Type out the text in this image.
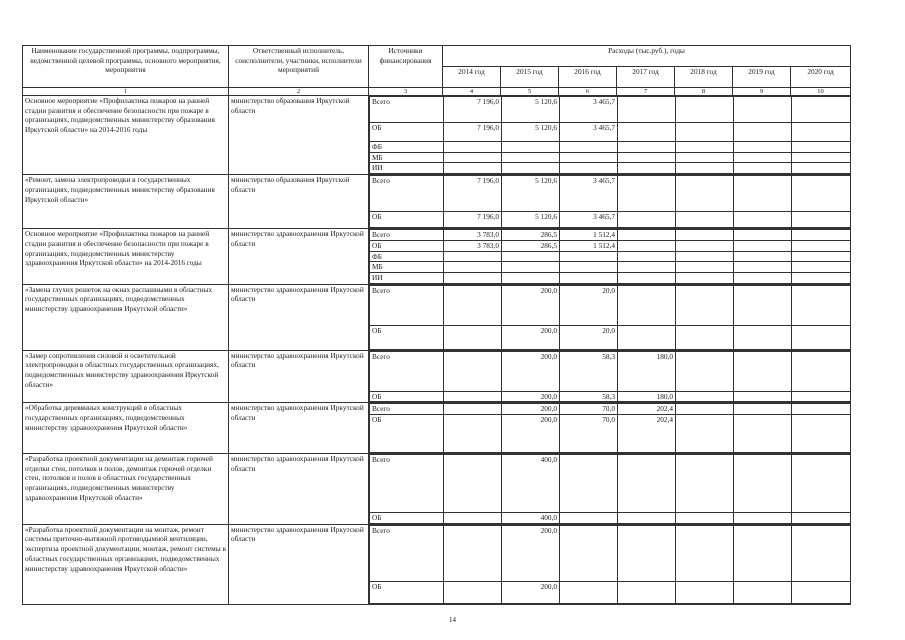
Наименование государственной программы, подпрограммы, ведомственной целевой программы, основного мероприятия, мероприятия	Ответственный исполнитель, соисполнители, участники, исполнители мероприятий	Источники финансирования	Расходы (тыс.руб.), годы
2014 год	2015 год	2016 год	2017 год	2018 год	2019 год	2020 год
1	2	3	4	5	6	7	8	9	10
Основное мероприятие «Профилактика пожаров на ранней стадии развития и обеспечение безопасности при пожаре в организациях, подведомственных министерству образования Иркутской области» на 2014-2016 годы	министерство образования Иркутской области	
Всего	7 196,0	5 120,6	3 465,7				
ОБ	7 196,0	5 120,6	3 465,7				
ФБ							
МБ							
ИИ							

«Ремонт, замена электропроводки в государственных организациях, подведомственных министерству образования Иркутской области»	министерство образования Иркутской области	
Всего	7 196,0	5 120,6	3 465,7				
ОБ	7 196,0	5 120,6	3 465,7				

Основное мероприятие «Профилактика пожаров на ранней стадии развития и обеспечение безопасности при пожаре в организациях, подведомственных министерству здравоохранения Иркутской области» на 2014-2016 годы	министерство здравоохранения Иркутской области	
Всего	3 783,0	286,5	1 512,4				
ОБ	3 783,0	286,5	1 512,4				
ФБ							
МБ							
ИИ							

«Замена глухих решеток на окнах распашными в областных государственных организациях, подведомственных министерству здравоохранения Иркутской области»	министерство здравоохранения Иркутской области	
Всего		200,0	20,0				
ОБ		200,0	20,0				

«Замер сопротивления силовой и осветительной электропроводки в областных государственных организациях, подведомственных министерству здравоохранения Иркутской области»	министерство здравоохранения Иркутской области	
Всего		200,0	58,3	180,0			
ОБ		200,0	58,3	180,0			

«Обработка деревянных конструкций в областных государственных организациях, подведомственных министерству здравоохранения Иркутской области»	министерство здравоохранения Иркутской области	
Всего		200,0	70,0	202,4			
ОБ		200,0	70,0	202,4			

«Разработка проектной документации на демонтаж горючей отделки стен, потолков и полов, демонтаж горючей отделки стен, потолков и полов в областных государственных организациях, подведомственных министерству здравоохранения Иркутской области»	министерство здравоохранения Иркутской области	
Всего		400,0					
ОБ		400,0					

«Разработка проектной документации на монтаж, ремонт системы приточно-вытяжной противодымной вентиляции, экспертиза проектной документации, монтаж, ремонт системы в областных государственных организациях, подведомственных министерству здравоохранения Иркутской области»	министерство здравоохранения Иркутской области	
Всего		200,0					
ОБ		200,0					
14
